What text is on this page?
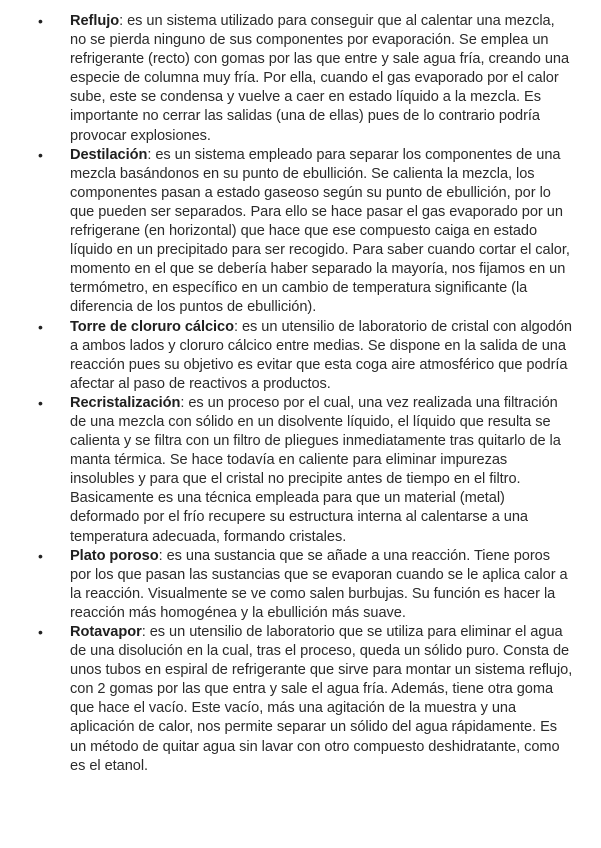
• Reflujo: es un sistema utilizado para conseguir que al calentar una mezcla, no se pierda ninguno de sus componentes por evaporación. Se emplea un refrigerante (recto) con gomas por las que entre y sale agua fría, creando una especie de columna muy fría. Por ella, cuando el gas evaporado por el calor sube, este se condensa y vuelve a caer en estado líquido a la mezcla. Es importante no cerrar las salidas (una de ellas) pues de lo contrario podría provocar explosiones.
• Destilación: es un sistema empleado para separar los componentes de una mezcla basándonos en su punto de ebullición. Se calienta la mezcla, los componentes pasan a estado gaseoso según su punto de ebullición, por lo que pueden ser separados. Para ello se hace pasar el gas evaporado por un refrigerane (en horizontal) que hace que ese compuesto caiga en estado líquido en un precipitado para ser recogido. Para saber cuando cortar el calor, momento en el que se debería haber separado la mayoría, nos fijamos en un termómetro, en específico en un cambio de temperatura significante (la diferencia de los puntos de ebullición).
• Torre de cloruro cálcico: es un utensilio de laboratorio de cristal con algodón a ambos lados y cloruro cálcico entre medias. Se dispone en la salida de una reacción pues su objetivo es evitar que esta coga aire atmosférico que podría afectar al paso de reactivos a productos.
• Recristalización: es un proceso por el cual, una vez realizada una filtración de una mezcla con sólido en un disolvente líquido, el líquido que resulta se calienta y se filtra con un filtro de pliegues inmediatamente tras quitarlo de la manta térmica. Se hace todavía en caliente para eliminar impurezas insolubles y para que el cristal no precipite antes de tiempo en el filtro. Basicamente es una técnica empleada para que un material (metal) deformado por el frío recupere su estructura interna al calentarse a una temperatura adecuada, formando cristales.
• Plato poroso: es una sustancia que se añade a una reacción. Tiene poros por los que pasan las sustancias que se evaporan cuando se le aplica calor a la reacción. Visualmente se ve como salen burbujas. Su función es hacer la reacción más homogénea y la ebullición más suave.
• Rotavapor: es un utensilio de laboratorio que se utiliza para eliminar el agua de una disolución en la cual, tras el proceso, queda un sólido puro. Consta de unos tubos en espiral de refrigerante que sirve para montar un sistema reflujo, con 2 gomas por las que entra y sale el agua fría. Además, tiene otra goma que hace el vacío. Este vacío, más una agitación de la muestra y una aplicación de calor, nos permite separar un sólido del agua rápidamente. Es un método de quitar agua sin lavar con otro compuesto deshidratante, como es el etanol.
